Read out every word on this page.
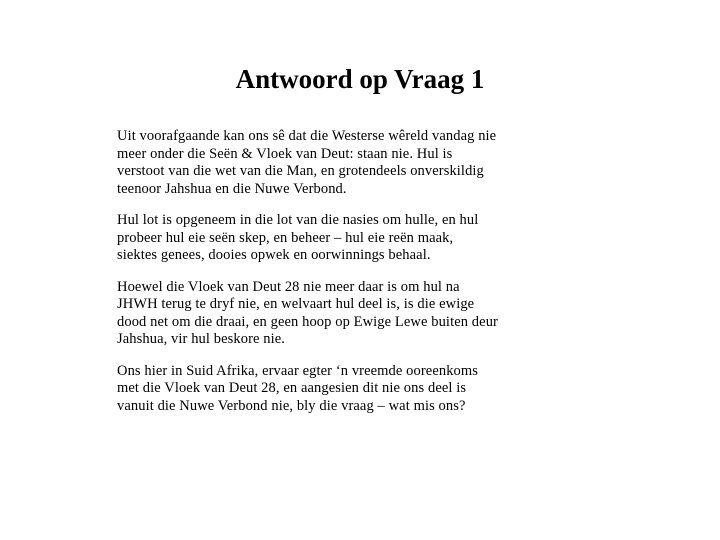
Antwoord op Vraag 1

Uit voorafgaande kan ons sê dat die Westerse wêreld vandag nie
meer onder die Seën & Vloek van Deut: staan nie. Hul is
verstoot van die wet van die Man, en grotendeels onverskildig
teenoor Jahshua en die Nuwe Verbond.

Hul lot is opgeneem in die lot van die nasies om hulle, en hul
probeer hul eie seën skep, en beheer – hul eie reën maak,
siektes genees, dooies opwek en oorwinnings behaal.

Hoewel die Vloek van Deut 28 nie meer daar is om hul na
JHWH terug te dryf nie, en welvaart hul deel is, is die ewige
dood net om die draai, en geen hoop op Ewige Lewe buiten deur
Jahshua, vir hul beskore nie.

Ons hier in Suid Afrika, ervaar egter ‘n vreemde ooreenkoms
met die Vloek van Deut 28, en aangesien dit nie ons deel is
vanuit die Nuwe Verbond nie, bly die vraag – wat mis ons?
